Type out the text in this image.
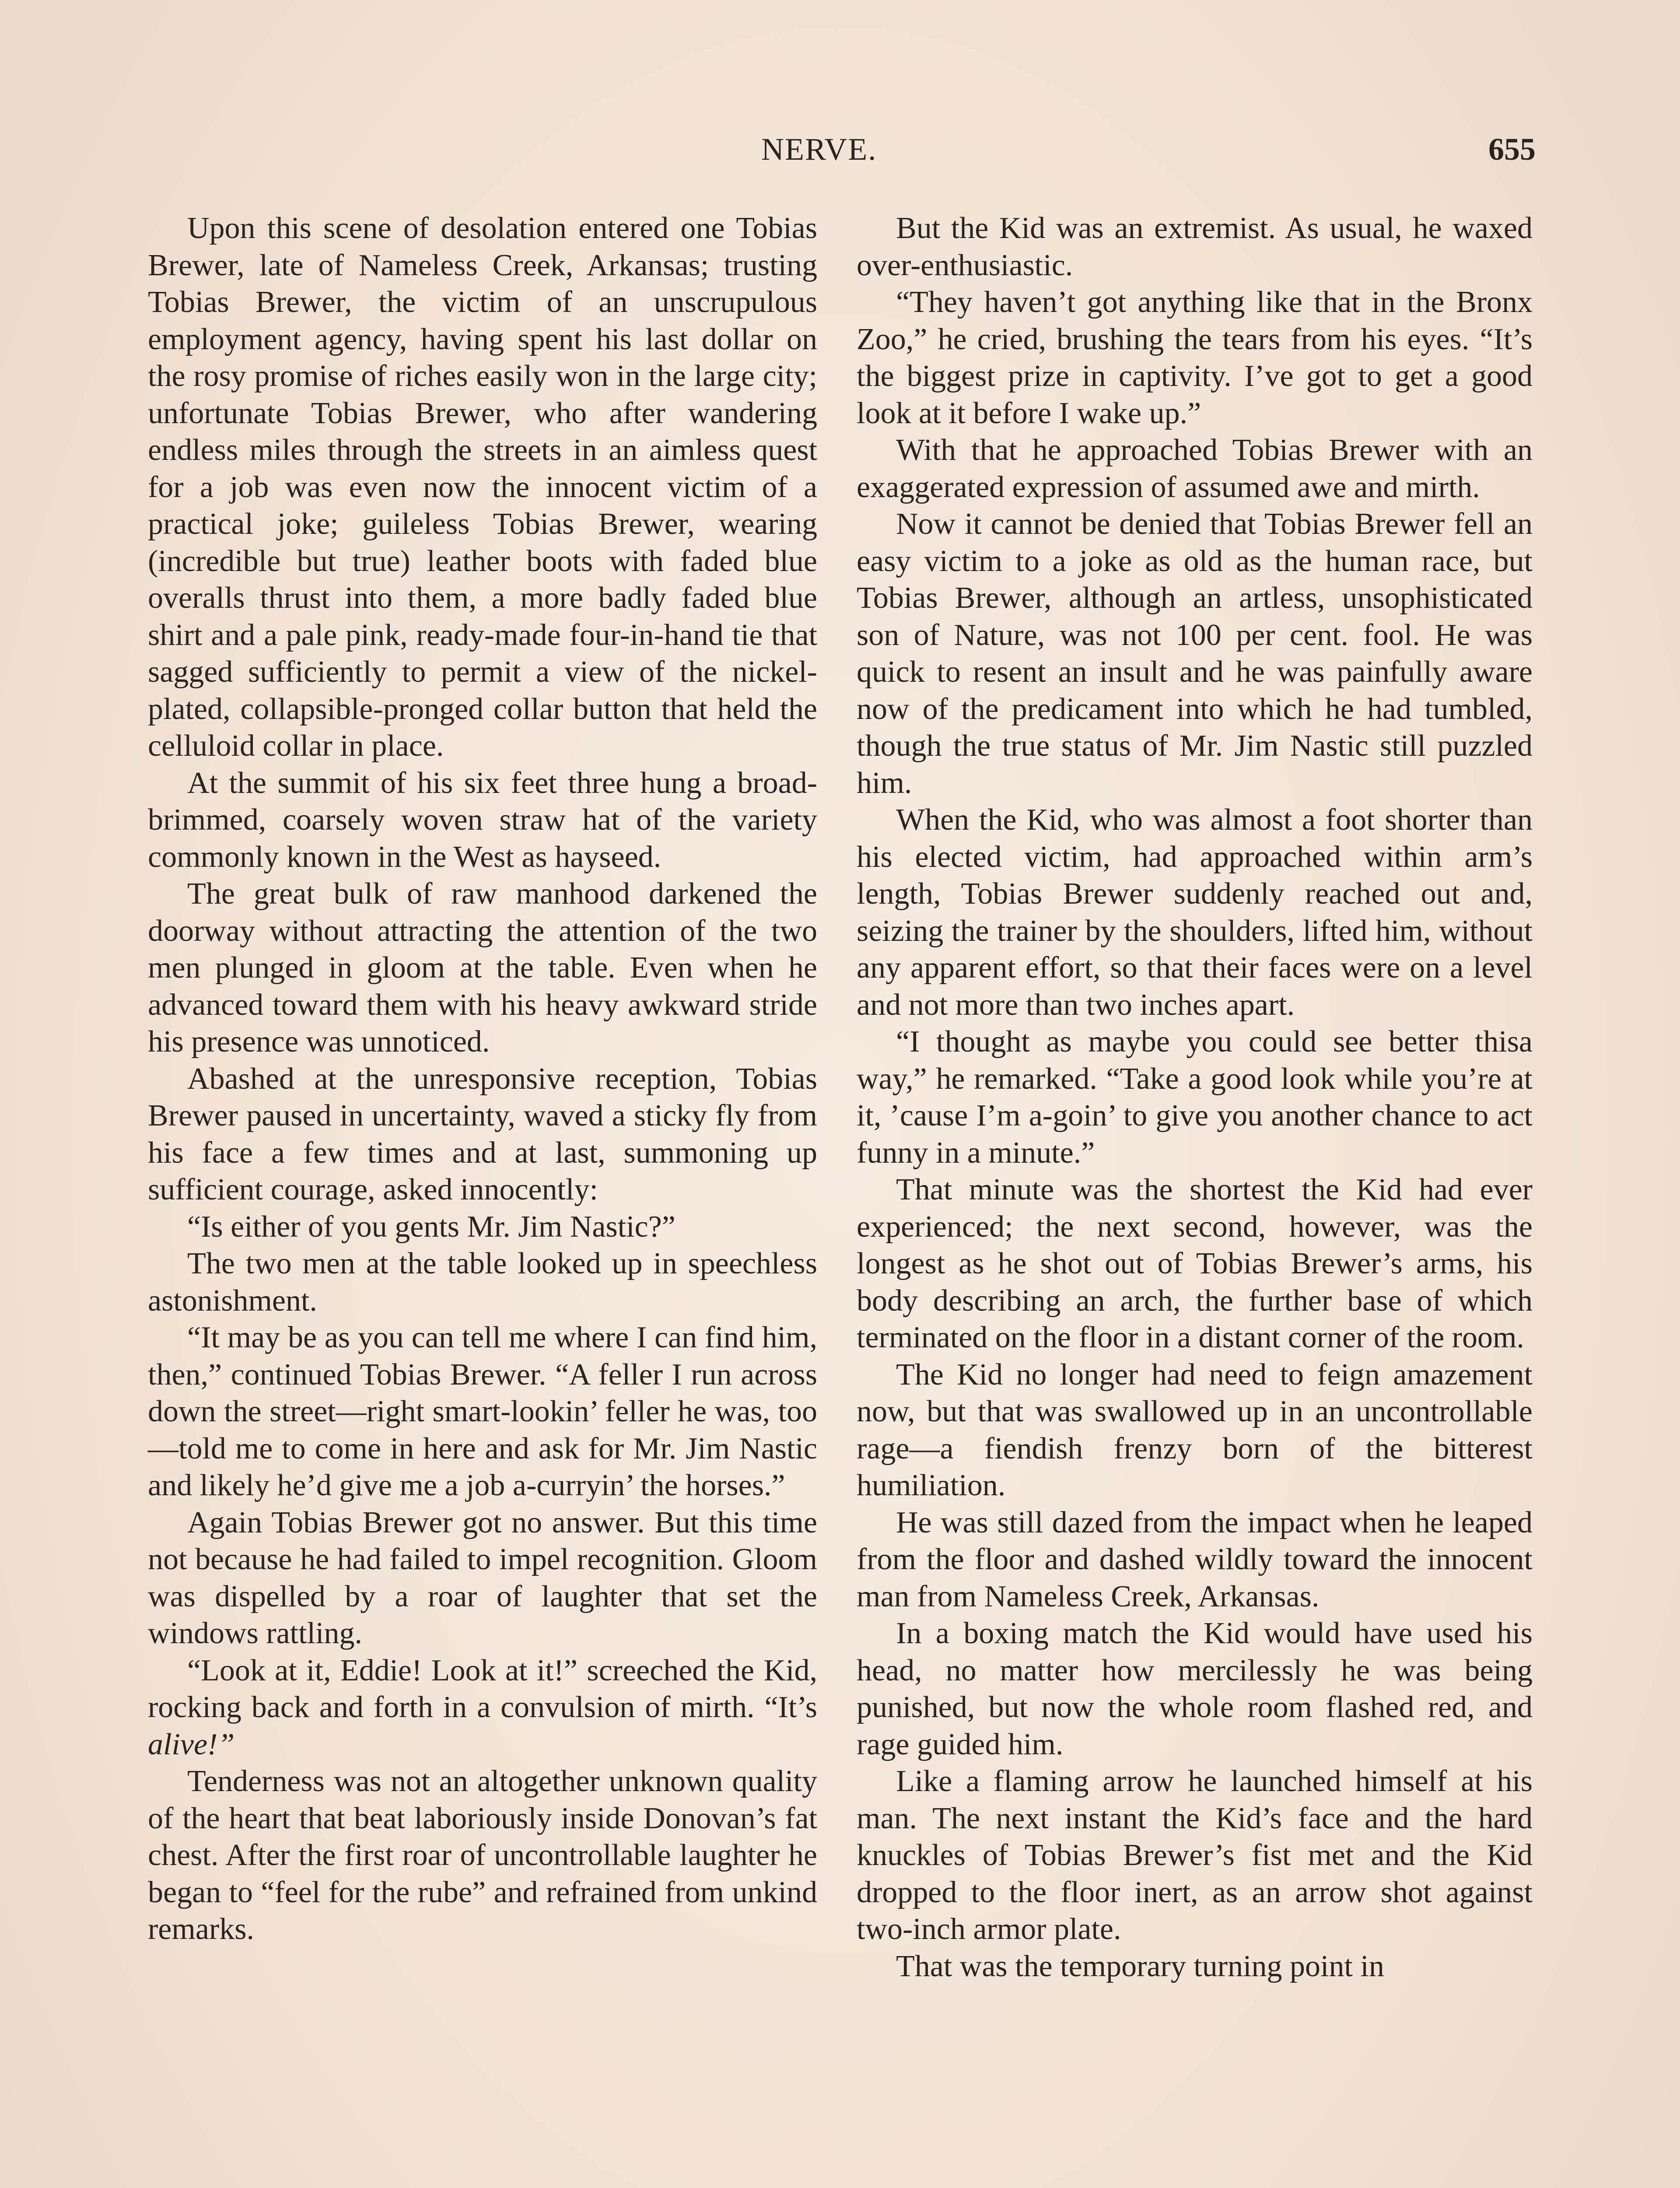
NERVE.	655

Upon this scene of desolation entered one Tobias Brewer, late of Nameless Creek, Arkansas; trusting Tobias Brewer, the victim of an unscrupulous employment agency, having spent his last dollar on the rosy promise of riches easily won in the large city; unfortunate Tobias Brewer, who after wandering endless miles through the streets in an aimless quest for a job was even now the innocent victim of a practical joke; guileless Tobias Brewer, wearing (incredible but true) leather boots with faded blue overalls thrust into them, a more badly faded blue shirt and a pale pink, ready-made four-in-hand tie that sagged sufficiently to permit a view of the nickel-plated, collapsible-pronged collar button that held the celluloid collar in place.

At the summit of his six feet three hung a broad-brimmed, coarsely woven straw hat of the variety commonly known in the West as hayseed.

The great bulk of raw manhood darkened the doorway without attracting the attention of the two men plunged in gloom at the table. Even when he advanced toward them with his heavy awkward stride his presence was unnoticed.

Abashed at the unresponsive reception, Tobias Brewer paused in uncertainty, waved a sticky fly from his face a few times and at last, summoning up sufficient courage, asked innocently:

“Is either of you gents Mr. Jim Nastic?”

The two men at the table looked up in speechless astonishment.

“It may be as you can tell me where I can find him, then,” continued Tobias Brewer. “A feller I run across down the street—right smart-lookin’ feller he was, too—told me to come in here and ask for Mr. Jim Nastic and likely he’d give me a job a-curryin’ the horses.”

Again Tobias Brewer got no answer. But this time not because he had failed to impel recognition. Gloom was dispelled by a roar of laughter that set the windows rattling.

“Look at it, Eddie! Look at it!” screeched the Kid, rocking back and forth in a convulsion of mirth. “It’s alive!”

Tenderness was not an altogether unknown quality of the heart that beat laboriously inside Donovan’s fat chest. After the first roar of uncontrollable laughter he began to “feel for the rube” and refrained from unkind remarks.

But the Kid was an extremist. As usual, he waxed over-enthusiastic.

“They haven’t got anything like that in the Bronx Zoo,” he cried, brushing the tears from his eyes. “It’s the biggest prize in captivity. I’ve got to get a good look at it before I wake up.”

With that he approached Tobias Brewer with an exaggerated expression of assumed awe and mirth.

Now it cannot be denied that Tobias Brewer fell an easy victim to a joke as old as the human race, but Tobias Brewer, although an artless, unsophisticated son of Nature, was not 100 per cent. fool. He was quick to resent an insult and he was painfully aware now of the predicament into which he had tumbled, though the true status of Mr. Jim Nastic still puzzled him.

When the Kid, who was almost a foot shorter than his elected victim, had approached within arm’s length, Tobias Brewer suddenly reached out and, seizing the trainer by the shoulders, lifted him, without any apparent effort, so that their faces were on a level and not more than two inches apart.

“I thought as maybe you could see better thisa way,” he remarked. “Take a good look while you’re at it, ’cause I’m a-goin’ to give you another chance to act funny in a minute.”

That minute was the shortest the Kid had ever experienced; the next second, however, was the longest as he shot out of Tobias Brewer’s arms, his body describing an arch, the further base of which terminated on the floor in a distant corner of the room.

The Kid no longer had need to feign amazement now, but that was swallowed up in an uncontrollable rage—a fiendish frenzy born of the bitterest humiliation.

He was still dazed from the impact when he leaped from the floor and dashed wildly toward the innocent man from Nameless Creek, Arkansas.

In a boxing match the Kid would have used his head, no matter how mercilessly he was being punished, but now the whole room flashed red, and rage guided him.

Like a flaming arrow he launched himself at his man. The next instant the Kid’s face and the hard knuckles of Tobias Brewer’s fist met and the Kid dropped to the floor inert, as an arrow shot against two-inch armor plate.

That was the temporary turning point in
